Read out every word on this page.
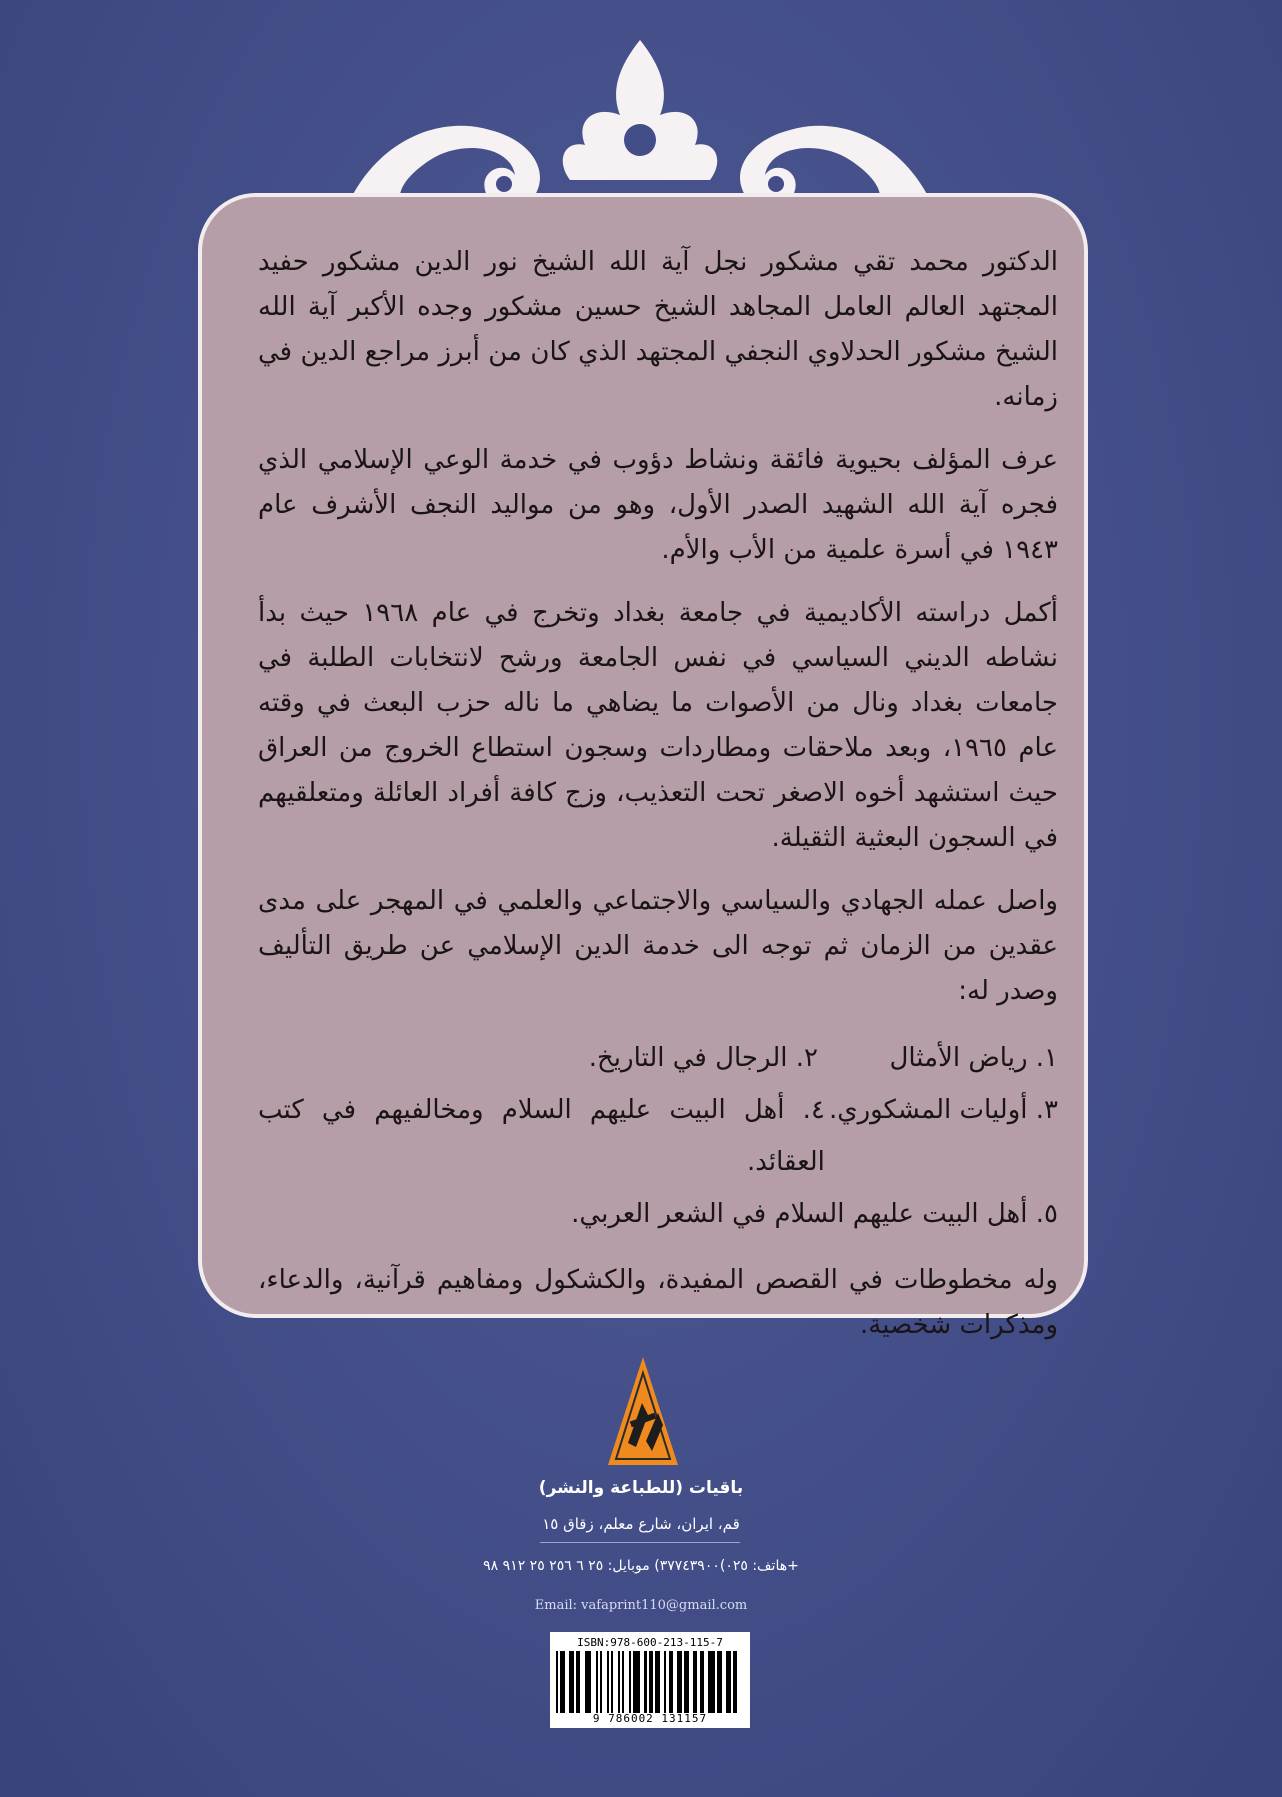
الدكتور محمد تقي مشكور نجل آية الله الشيخ نور الدين مشكور حفيد المجتهد العالم العامل المجاهد الشيخ حسين مشكور وجده الأكبر آية الله الشيخ مشكور الحدلاوي النجفي المجتهد الذي كان من أبرز مراجع الدين في زمانه.

عرف المؤلف بحيوية فائقة ونشاط دؤوب في خدمة الوعي الإسلامي الذي فجره آية الله الشهيد الصدر الأول، وهو من مواليد النجف الأشرف عام ١٩٤٣ في أسرة علمية من الأب والأم.

أكمل دراسته الأكاديمية في جامعة بغداد وتخرج في عام ١٩٦٨ حيث بدأ نشاطه الديني السياسي في نفس الجامعة ورشح لانتخابات الطلبة في جامعات بغداد ونال من الأصوات ما يضاهي ما ناله حزب البعث في وقته عام ١٩٦٥، وبعد ملاحقات ومطاردات وسجون استطاع الخروج من العراق حيث استشهد أخوه الاصغر تحت التعذيب، وزج كافة أفراد العائلة ومتعلقيهم في السجون البعثية الثقيلة.

واصل عمله الجهادي والسياسي والاجتماعي والعلمي في المهجر على مدى عقدين من الزمان ثم توجه الى خدمة الدين الإسلامي عن طريق التأليف وصدر له:

١. رياض الأمثال
٢. الرجال في التاريخ.
٣. أوليات المشكوري.
٤. أهل البيت عليهم السلام ومخالفيهم في كتب العقائد.
٥. أهل البيت عليهم السلام في الشعر العربي.

وله مخطوطات في القصص المفيدة، والكشكول ومفاهيم قرآنية، والدعاء، ومذكرات شخصية.

باقيات (للطباعة والنشر)
قم، ايران، شارع معلم، زقاق ١٥
هاتف: ٠٢٥)٣٧٧٤٣٩٠٠) موبايل: ٢٥ ٦ ٢٥٦ ٢٥ ٩١٢ ٩٨+
Email: vafaprint110@gmail.com
ISBN:978-600-213-115-7
9 786002 131157
